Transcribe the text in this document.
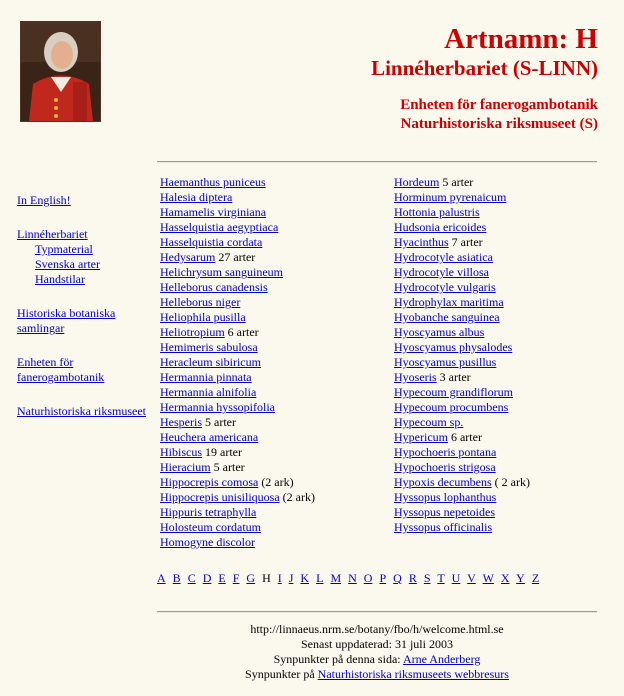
Artnamn: H
Linnéherbariet (S-LINN)
Enheten för fanerogambotanik
Naturhistoriska riksmuseet (S)
In English!
Linnéherbariet
Typmaterial
Svenska arter
Handstilar
Historiska botaniska samlingar
Enheten för fanerogambotanik
Naturhistoriska riksmuseet
Haemanthus puniceus
Halesia diptera
Hamamelis virginiana
Hasselquistia aegyptiaca
Hasselquistia cordata
Hedysarum 27 arter
Helichrysum sanguineum
Helleborus canadensis
Helleborus niger
Heliophila pusilla
Heliotropium 6 arter
Hemimeris sabulosa
Heracleum sibiricum
Hermannia pinnata
Hermannia alnifolia
Hermannia hyssopifolia
Hesperis 5 arter
Heuchera americana
Hibiscus 19 arter
Hieracium 5 arter
Hippocrepis comosa (2 ark)
Hippocrepis unisiliquosa (2 ark)
Hippuris tetraphylla
Holosteum cordatum
Homogyne discolor
Hordeum 5 arter
Horminum pyrenaicum
Hottonia palustris
Hudsonia ericoides
Hyacinthus 7 arter
Hydrocotyle asiatica
Hydrocotyle villosa
Hydrocotyle vulgaris
Hydrophylax maritima
Hyobanche sanguinea
Hyoscyamus albus
Hyoscyamus physalodes
Hyoscyamus pusillus
Hyoseris 3 arter
Hypecoum grandiflorum
Hypecoum procumbens
Hypecoum sp.
Hypericum 6 arter
Hypochoeris pontana
Hypochoeris strigosa
Hypoxis decumbens ( 2 ark)
Hyssopus lophanthus
Hyssopus nepetoides
Hyssopus officinalis
A B C D E F G H I J K L M N O P Q R S T U V W X Y Z
http://linnaeus.nrm.se/botany/fbo/h/welcome.html.se
Senast uppdaterad: 31 juli 2003
Synpunkter på denna sida: Arne Anderberg
Synpunkter på Naturhistoriska riksmuseets webbresurs
